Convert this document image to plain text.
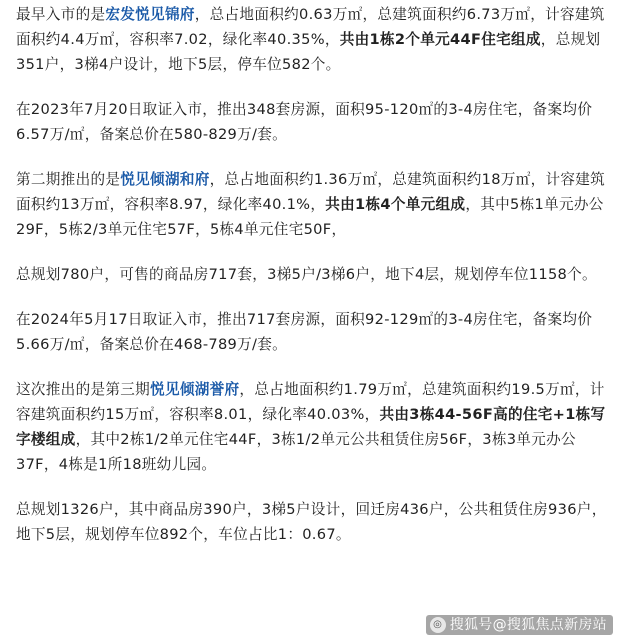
最早入市的是宏发悦见锦府，总占地面积约0.63万㎡，总建筑面积约6.73万㎡，计容建筑面积约4.4万㎡，容积率7.02，绿化率40.35%，共由1栋2个单元44F住宅组成，总规划351户，3梯4户设计，地下5层，停车位582个。

在2023年7月20日取证入市，推出348套房源，面积95-120㎡的3-4房住宅，备案均价6.57万/㎡，备案总价在580-829万/套。

第二期推出的是悦见倾湖和府，总占地面积约1.36万㎡，总建筑面积约18万㎡，计容建筑面积约13万㎡，容积率8.97，绿化率40.1%，共由1栋4个单元组成，其中5栋1单元办公29F，5栋2/3单元住宅57F，5栋4单元住宅50F，

总规划780户，可售的商品房717套，3梯5户/3梯6户，地下4层，规划停车位1158个。

在2024年5月17日取证入市，推出717套房源，面积92-129㎡的3-4房住宅，备案均价5.66万/㎡，备案总价在468-789万/套。

这次推出的是第三期悦见倾湖誉府，总占地面积约1.79万㎡，总建筑面积约19.5万㎡，计容建筑面积约15万㎡，容积率8.01，绿化率40.03%，共由3栋44-56F高的住宅+1栋写字楼组成，其中2栋1/2单元住宅44F，3栋1/2单元公共租赁住房56F，3栋3单元办公37F，4栋是1所18班幼儿园。

总规划1326户，其中商品房390户，3梯5户设计，回迁房436户，公共租赁住房936户，地下5层，规划停车位892个，车位占比1：0.67。

◎ 搜狐号@搜狐焦点新房站
